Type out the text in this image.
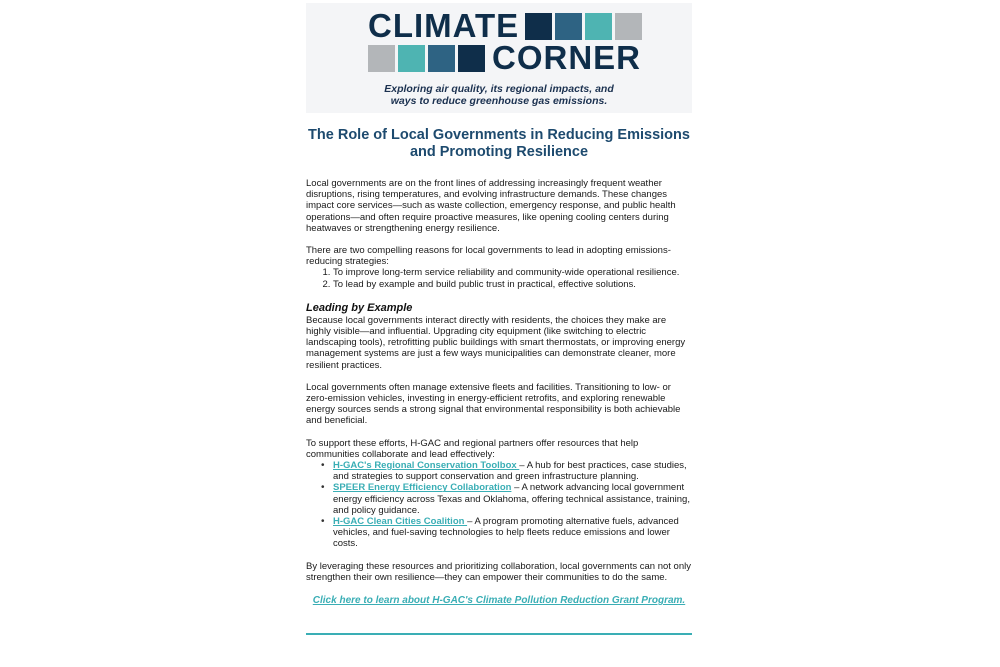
CLIMATE
CORNER
Exploring air quality, its regional impacts, and
ways to reduce greenhouse gas emissions.
The Role of Local Governments in Reducing Emissions
and Promoting Resilience

Local governments are on the front lines of addressing increasingly frequent weather disruptions, rising temperatures, and evolving infrastructure demands. These changes impact core services—such as waste collection, emergency response, and public health operations—and often require proactive measures, like opening cooling centers during heatwaves or strengthening energy resilience.

There are two compelling reasons for local governments to lead in adopting emissions-reducing strategies:

1. To improve long-term service reliability and community-wide operational resilience.
2. To lead by example and build public trust in practical, effective solutions.
Leading by Example

Because local governments interact directly with residents, the choices they make are highly visible—and influential. Upgrading city equipment (like switching to electric landscaping tools), retrofitting public buildings with smart thermostats, or improving energy management systems are just a few ways municipalities can demonstrate cleaner, more resilient practices.

Local governments often manage extensive fleets and facilities. Transitioning to low- or zero-emission vehicles, investing in energy-efficient retrofits, and exploring renewable energy sources sends a strong signal that environmental responsibility is both achievable and beneficial.

To support these efforts, H-GAC and regional partners offer resources that help communities collaborate and lead effectively:

• H-GAC's Regional Conservation Toolbox – A hub for best practices, case studies, and strategies to support conservation and green infrastructure planning.
• SPEER Energy Efficiency Collaboration – A network advancing local government energy efficiency across Texas and Oklahoma, offering technical assistance, training, and policy guidance.
• H-GAC Clean Cities Coalition – A program promoting alternative fuels, advanced vehicles, and fuel-saving technologies to help fleets reduce emissions and lower costs.

By leveraging these resources and prioritizing collaboration, local governments can not only strengthen their own resilience—they can empower their communities to do the same.

Click here to learn about H-GAC's Climate Pollution Reduction Grant Program.
